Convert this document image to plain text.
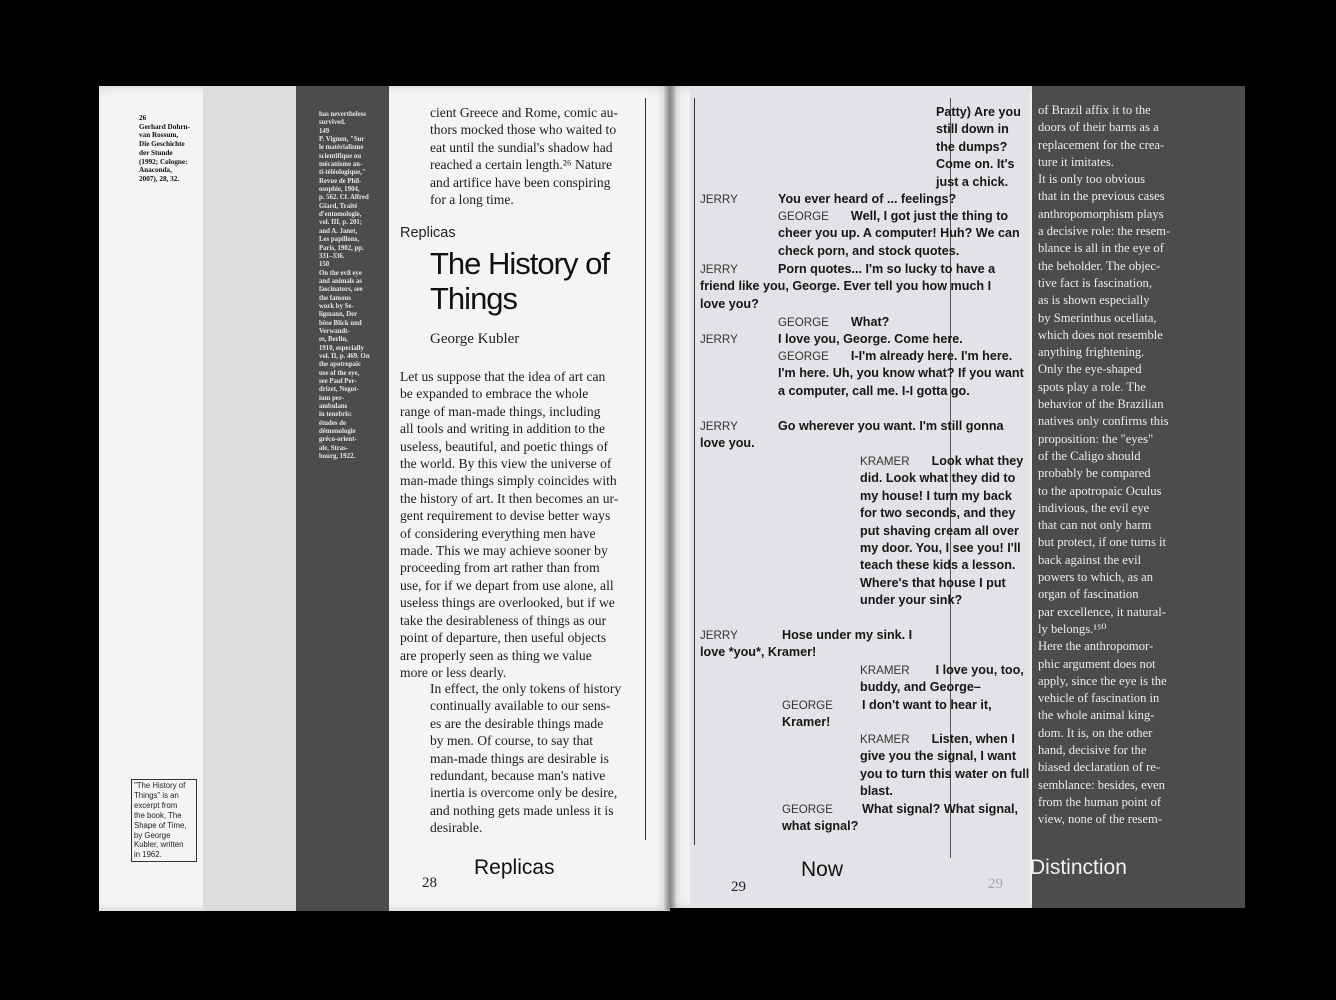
26
Gerhard Dohrn-
van Rossum,
Die Geschichte
der Stunde
(1992; Cologne:
Anaconda,
2007), 28, 32.
has nevertheless
survived.
149
P. Vignon, "Sur
le matérialisme
scientifique ou
mécanisme an-
ti-téléologique,"
Revue de Phil-
osophie, 1904,
p. 562. Cf. Alfred
Giard, Traité
d'entomologie,
vol. III, p. 201;
and A. Janet,
Les papillons,
Paris, 1902, pp.
331–336.
150
On the evil eye
and animals as
fascinators, see
the famous
work by Se-
ligmann, Der
böse Blick und
Verwandt-
es, Berlin,
1910, especially
vol. II, p. 469. On
the apotropaic
use of the eye,
see Paul Per-
drizet, Negot-
ium per-
ambulans
in tenebris:
études de
démonologie
gréco-orient-
ale, Stras-
bourg, 1922.
"The History of
Things" is an
excerpt from
the book, The
Shape of Time,
by George
Kubler, written
in 1962.
cient Greece and Rome, comic au-
thors mocked those who waited to
eat until the sundial's shadow had
reached a certain length.²⁶ Nature
and artifice have been conspiring
for a long time.
Replicas
The History of
Things
George Kubler
Let us suppose that the idea of art can
be expanded to embrace the whole
range of man-made things, including
all tools and writing in addition to the
useless, beautiful, and poetic things of
the world. By this view the universe of
man-made things simply coincides with
the history of art. It then becomes an ur-
gent requirement to devise better ways
of considering everything men have
made. This we may achieve sooner by
proceeding from art rather than from
use, for if we depart from use alone, all
useless things are overlooked, but if we
take the desirableness of things as our
point of departure, then useful objects
are properly seen as thing we value
more or less dearly.
In effect, the only tokens of history
continually available to our sens-
es are the desirable things made
by men. Of course, to say that
man-made things are desirable is
redundant, because man's native
inertia is overcome only be desire,
and nothing gets made unless it is
desirable.
28
Replicas
Patty) Are you
still down in
the dumps?
Come on. It's
just a chick.
JERRY	You ever heard of ... feelings?
GEORGE Well, I got just the thing to cheer you up. A computer! Huh? We can check porn, and stock quotes.
JERRY	Porn quotes... I'm so lucky to have a friend like you, George. Ever tell you how much I love you?
GEORGE What?
JERRY	I love you, George. Come here.
GEORGE I-I'm already here. I'm here. I'm here. Uh, you know what? If you want a computer, call me. I-I gotta go.
JERRY	Go wherever you want. I'm still gonna love you.
KRAMER Look what they did. Look what they did to my house! I turn my back for two seconds, and they put shaving cream all over my door. You, I see you! I'll teach these kids a lesson. Where's that house I put under your sink?
JERRY	Hose under my sink. I love *you*, Kramer!
KRAMER I love you, too, buddy, and George–
GEORGE I don't want to hear it, Kramer!
KRAMER Listen, when I give you the signal, I want you to turn this water on full blast.
GEORGE What signal? What signal, what signal?
of Brazil affix it to the
doors of their barns as a
replacement for the crea-
ture it imitates.
It is only too obvious
that in the previous cases
anthropomorphism plays
a decisive role: the resem-
blance is all in the eye of
the beholder. The objec-
tive fact is fascination,
as is shown especially
by Smerinthus ocellata,
which does not resemble
anything frightening.
Only the eye-shaped
spots play a role. The
behavior of the Brazilian
natives only confirms this
proposition: the "eyes"
of the Caligo should
probably be compared
to the apotropaic Oculus
indivious, the evil eye
that can not only harm
but protect, if one turns it
back against the evil
powers to which, as an
organ of fascination
par excellence, it natural-
ly belongs.¹⁵⁰
Here the anthropomor-
phic argument does not
apply, since the eye is the
vehicle of fascination in
the whole animal king-
dom. It is, on the other
hand, decisive for the
biased declaration of re-
semblance: besides, even
from the human point of
view, none of the resem-
29	29
Now	Distinction
